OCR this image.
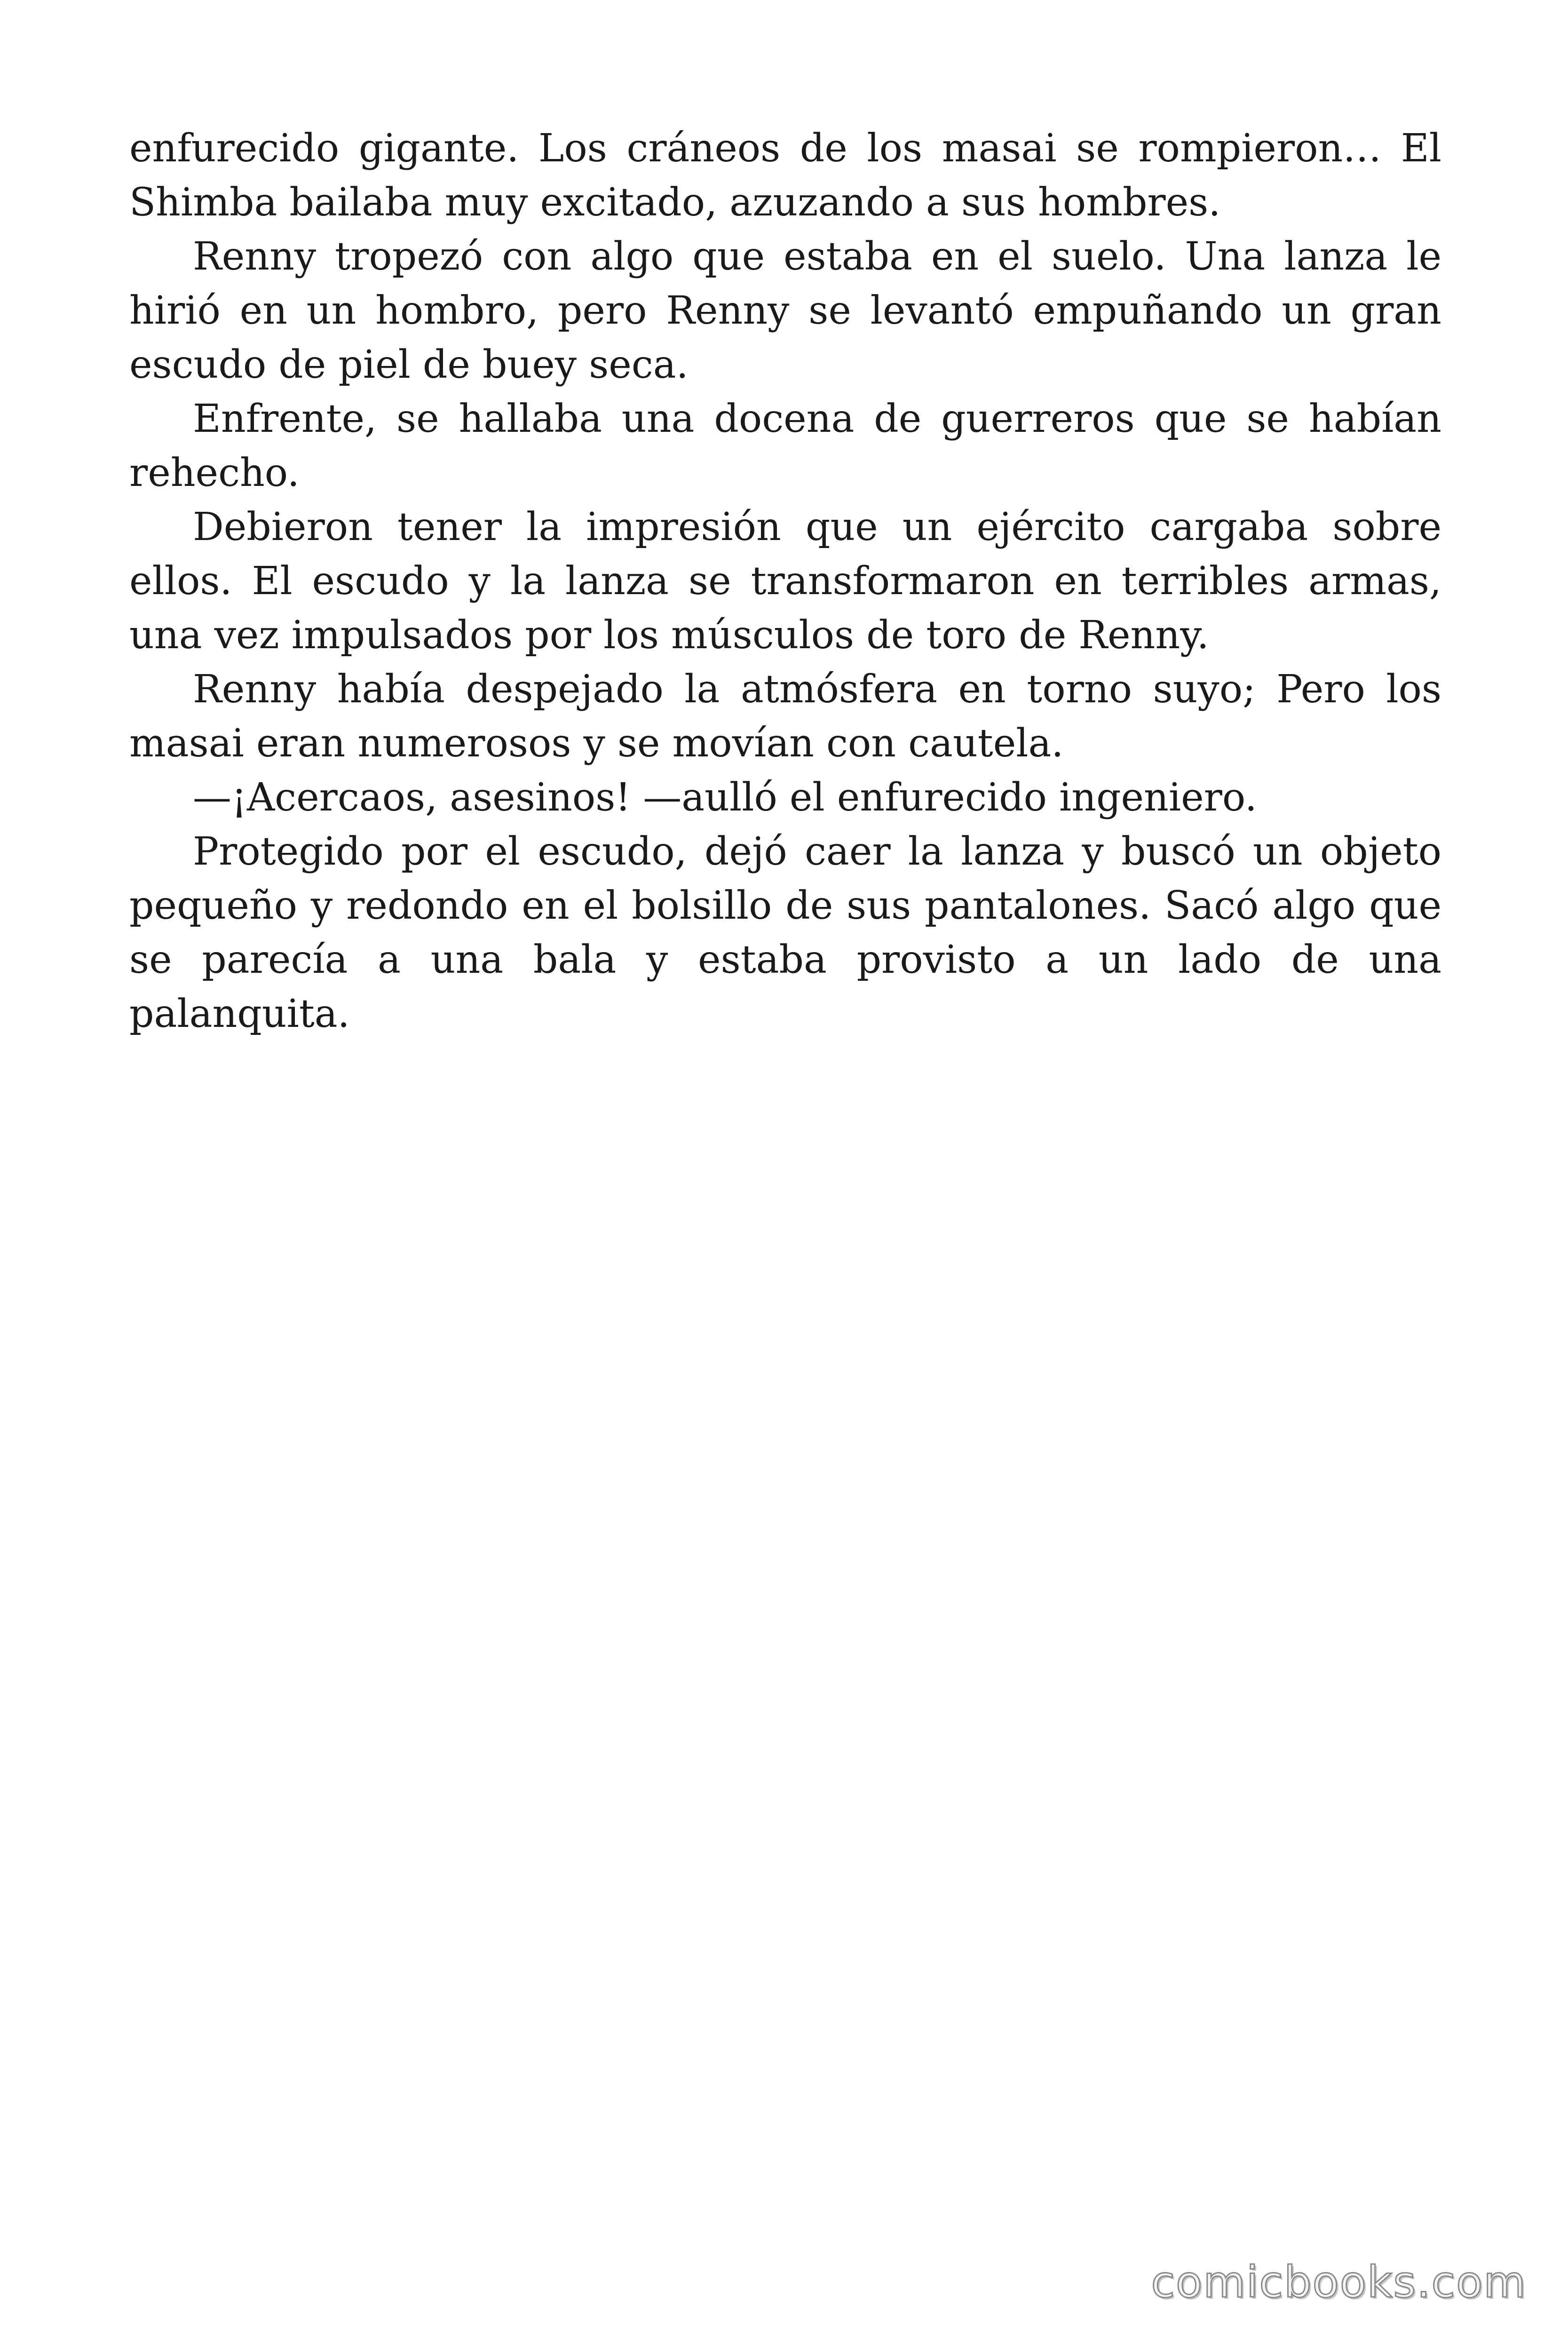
enfurecido gigante. Los cráneos de los masai se rompieron… El Shimba bailaba muy excitado, azuzando a sus hombres.

Renny tropezó con algo que estaba en el suelo. Una lanza le hirió en un hombro, pero Renny se levantó empuñando un gran escudo de piel de buey seca.

Enfrente, se hallaba una docena de guerreros que se habían rehecho.

Debieron tener la impresión que un ejército cargaba sobre ellos. El escudo y la lanza se transformaron en terribles armas, una vez impulsados por los músculos de toro de Renny.

Renny había despejado la atmósfera en torno suyo; Pero los masai eran numerosos y se movían con cautela.

—¡Acercaos, asesinos! —aulló el enfurecido ingeniero.

Protegido por el escudo, dejó caer la lanza y buscó un objeto pequeño y redondo en el bolsillo de sus pantalones. Sacó algo que se parecía a una bala y estaba provisto a un lado de una palanquita.

comicbooks.com
